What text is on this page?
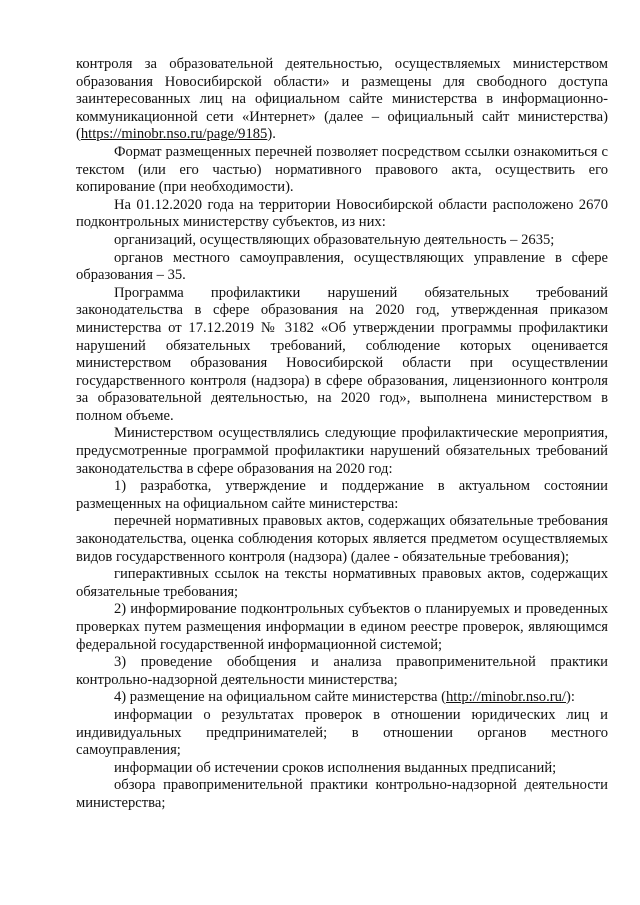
контроля за образовательной деятельностью, осуществляемых министерством образования Новосибирской области» и размещены для свободного доступа заинтересованных лиц на официальном сайте министерства в информационно-коммуникационной сети «Интернет» (далее – официальный сайт министерства) (https://minobr.nso.ru/page/9185).

Формат размещенных перечней позволяет посредством ссылки ознакомиться с текстом (или его частью) нормативного правового акта, осуществить его копирование (при необходимости).

На 01.12.2020 года на территории Новосибирской области расположено 2670 подконтрольных министерству субъектов, из них:

организаций, осуществляющих образовательную деятельность – 2635;

органов местного самоуправления, осуществляющих управление в сфере образования – 35.

Программа профилактики нарушений обязательных требований законодательства в сфере образования на 2020 год, утвержденная приказом министерства от 17.12.2019 № 3182 «Об утверждении программы профилактики нарушений обязательных требований, соблюдение которых оценивается министерством образования Новосибирской области при осуществлении государственного контроля (надзора) в сфере образования, лицензионного контроля за образовательной деятельностью, на 2020 год», выполнена министерством в полном объеме.

Министерством осуществлялись следующие профилактические мероприятия, предусмотренные программой профилактики нарушений обязательных требований законодательства в сфере образования на 2020 год:

1) разработка, утверждение и поддержание в актуальном состоянии размещенных на официальном сайте министерства:

перечней нормативных правовых актов, содержащих обязательные требования законодательства, оценка соблюдения которых является предметом осуществляемых видов государственного контроля (надзора) (далее - обязательные требования);

гиперактивных ссылок на тексты нормативных правовых актов, содержащих обязательные требования;

2) информирование подконтрольных субъектов о планируемых и проведенных проверках путем размещения информации в едином реестре проверок, являющимся федеральной государственной информационной системой;

3) проведение обобщения и анализа правоприменительной практики контрольно-надзорной деятельности министерства;

4) размещение на официальном сайте министерства (http://minobr.nso.ru/):

информации о результатах проверок в отношении юридических лиц и индивидуальных предпринимателей; в отношении органов местного самоуправления;

информации об истечении сроков исполнения выданных предписаний;

обзора правоприменительной практики контрольно-надзорной деятельности министерства;
